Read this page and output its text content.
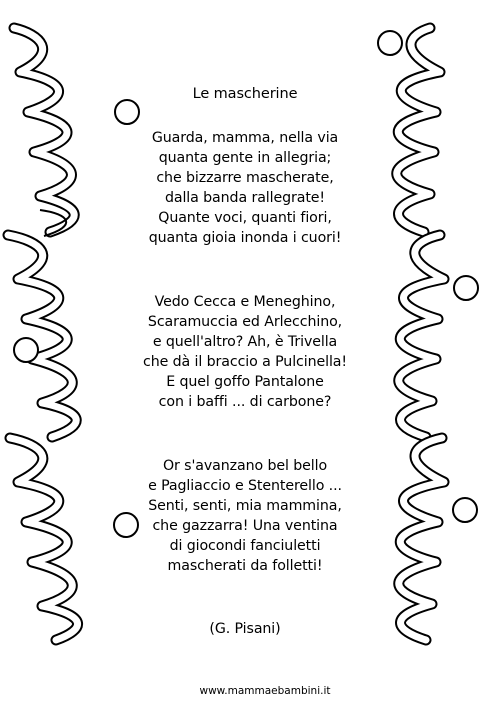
Le mascherine
Guarda, mamma, nella via
quanta gente in allegria;
che bizzarre mascherate,
dalla banda rallegrate!
Quante voci, quanti fiori,
quanta gioia inonda i cuori!
Vedo Cecca e Meneghino,
Scaramuccia ed Arlecchino,
e quell'altro? Ah, è Trivella
che dà il braccio a Pulcinella!
E quel goffo Pantalone
con i baffi ... di carbone?
Or s'avanzano bel bello
e Pagliaccio e Stenterello ...
Senti, senti, mia mammina,
che gazzarra! Una ventina
di giocondi fanciuletti
mascherati da folletti!
(G. Pisani)
www.mammaebambini.it
